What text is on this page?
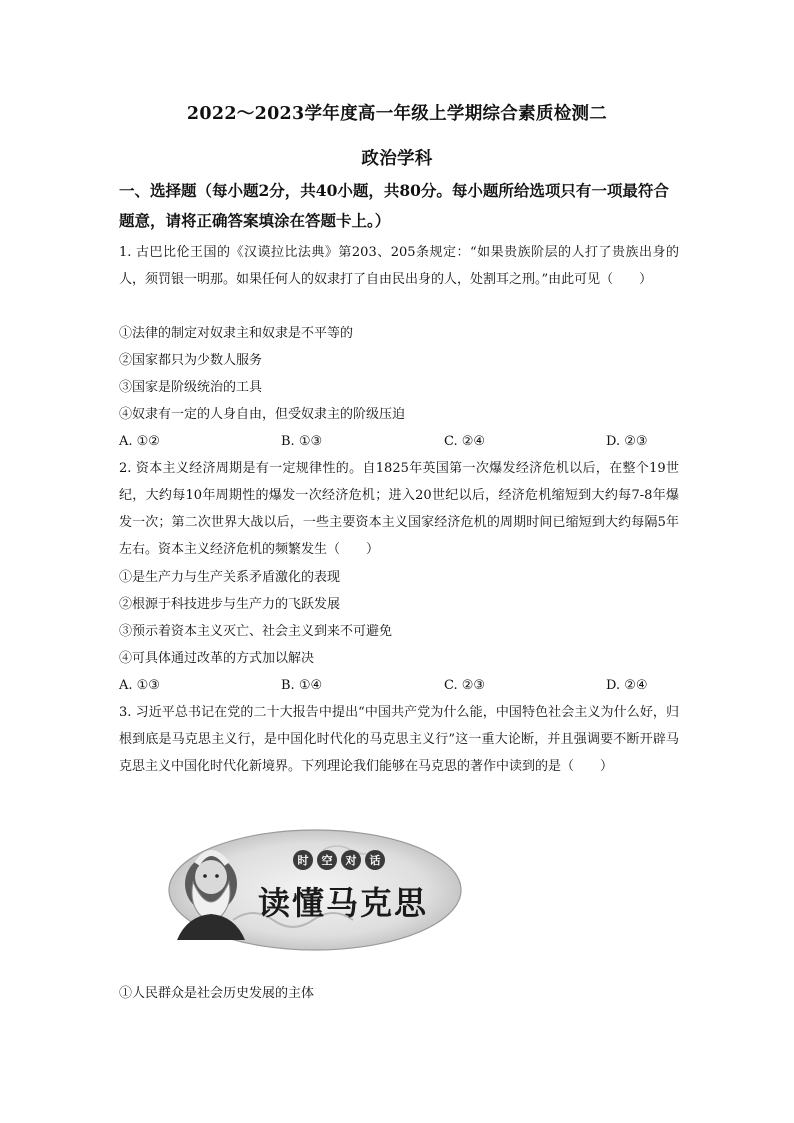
2022～2023学年度高一年级上学期综合素质检测二
政治学科
一、选择题（每小题2分，共40小题，共80分。每小题所给选项只有一项最符合题意，请将正确答案填涂在答题卡上。）
1. 古巴比伦王国的《汉谟拉比法典》第203、205条规定：“如果贵族阶层的人打了贵族出身的人，须罚银一明那。如果任何人的奴隶打了自由民出身的人，处割耳之刑。”由此可见（　　）
①法律的制定对奴隶主和奴隶是不平等的
②国家都只为少数人服务
③国家是阶级统治的工具
④奴隶有一定的人身自由，但受奴隶主的阶级压迫
A. ①②	B. ①③	C. ②④	D. ②③
2. 资本主义经济周期是有一定规律性的。自1825年英国第一次爆发经济危机以后，在整个19世纪，大约每10年周期性的爆发一次经济危机；进入20世纪以后，经济危机缩短到大约每7-8年爆发一次；第二次世界大战以后，一些主要资本主义国家经济危机的周期时间已缩短到大约每隔5年左右。资本主义经济危机的频繁发生（　　）
①是生产力与生产关系矛盾激化的表现
②根源于科技进步与生产力的飞跃发展
③预示着资本主义灭亡、社会主义到来不可避免
④可具体通过改革的方式加以解决
A. ①③	B. ①④	C. ②③	D. ②④
3. 习近平总书记在党的二十大报告中提出“中国共产党为什么能，中国特色社会主义为什么好，归根到底是马克思主义行，是中国化时代化的马克思主义行”这一重大论断，并且强调要不断开辟马克思主义中国化时代化新境界。下列理论我们能够在马克思的著作中读到的是（　　）
时 空 对 话
读懂马克思
①人民群众是社会历史发展的主体
